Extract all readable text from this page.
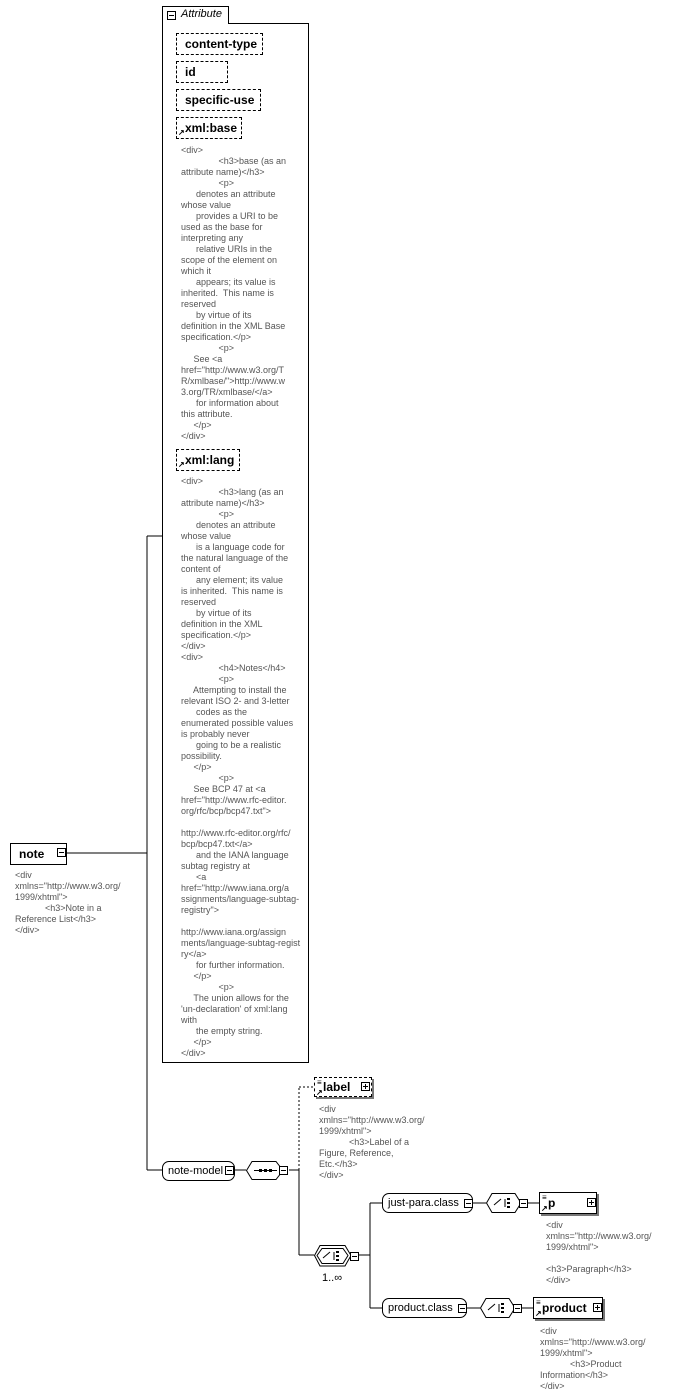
note
<div
xmlns="http://www.w3.org/
1999/xhtml">
<h3>Note in a
Reference List</h3>
</div>
Attribute
content-type
id
specific-use
↗ xml:base
<div>
<h3>base (as an
attribute name)</h3>
<p>
denotes an attribute
whose value
provides a URI to be
used as the base for
interpreting any
relative URIs in the
scope of the element on
which it
appears; its value is
inherited.  This name is
reserved
by virtue of its
definition in the XML Base
specification.</p>
<p>
See <a
href="http://www.w3.org/T
R/xmlbase/">http://www.w
3.org/TR/xmlbase/</a>
for information about
this attribute.
</p>
</div>
↗ xml:lang
<div>
<h3>lang (as an
attribute name)</h3>
<p>
denotes an attribute
whose value
is a language code for
the natural language of the
content of
any element; its value
is inherited.  This name is
reserved
by virtue of its
definition in the XML
specification.</p>
</div>
<div>
<h4>Notes</h4>
<p>
Attempting to install the
relevant ISO 2- and 3-letter
codes as the
enumerated possible values
is probably never
going to be a realistic
possibility.
</p>
<p>
See BCP 47 at <a
href="http://www.rfc-editor.
org/rfc/bcp/bcp47.txt">

http://www.rfc-editor.org/rfc/
bcp/bcp47.txt</a>
and the IANA language
subtag registry at
<a
href="http://www.iana.org/a
ssignments/language-subtag-
registry">

http://www.iana.org/assign
ments/language-subtag-regist
ry</a>
for further information.
</p>
<p>
The union allows for the
'un-declaration' of xml:lang
with
the empty string.
</p>
</div>
note-model
≡
↗ label
<div
xmlns="http://www.w3.org/
1999/xhtml">
<h3>Label of a
Figure, Reference,
Etc.</h3>
</div>
1..∞
just-para.class	≡
↗ p
<div
xmlns="http://www.w3.org/
1999/xhtml">

<h3>Paragraph</h3>
</div>
product.class	≡
↗ product
<div
xmlns="http://www.w3.org/
1999/xhtml">
<h3>Product
Information</h3>
</div>
